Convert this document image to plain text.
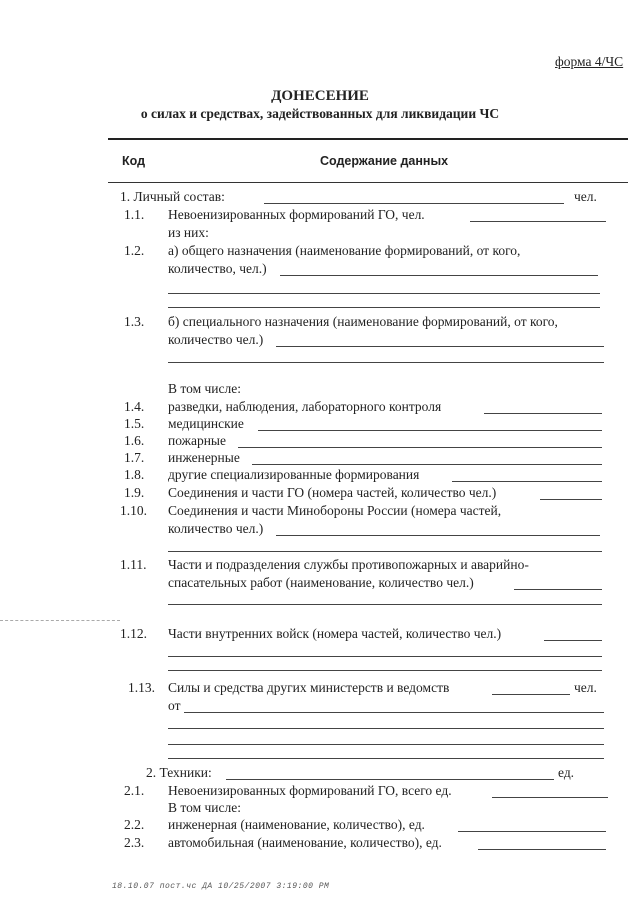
форма 4/ЧС
ДОНЕСЕНИЕ
о силах и средствах, задействованных для ликвидации ЧС
Код	Содержание данных
1. Личный состав:	чел.
1.1. Невоенизированных формирований ГО, чел.
из них:
1.2. а) общего назначения (наименование формирований, от кого,
количество, чел.)
1.3. б) специального назначения (наименование формирований, от кого,
количество чел.)
В том числе:
1.4. разведки, наблюдения, лабораторного контроля
1.5. медицинские
1.6. пожарные
1.7. инженерные
1.8. другие специализированные формирования
1.9. Соединения и части ГО (номера частей, количество чел.)
1.10. Соединения и части Минобороны России (номера частей,
количество чел.)
1.11. Части и подразделения службы противопожарных и аварийно-
спасательных работ (наименование, количество чел.)
1.12. Части внутренних войск (номера частей, количество чел.)
1.13. Силы и средства других министерств и ведомств	чел.
от
2. Техники:	ед.
2.1. Невоенизированных формирований ГО, всего ед.
В том числе:
2.2. инженерная (наименование, количество), ед.
2.3. автомобильная (наименование, количество), ед.
18.10.07 пост.чс ДА 10/25/2007 3:19:00 PM
